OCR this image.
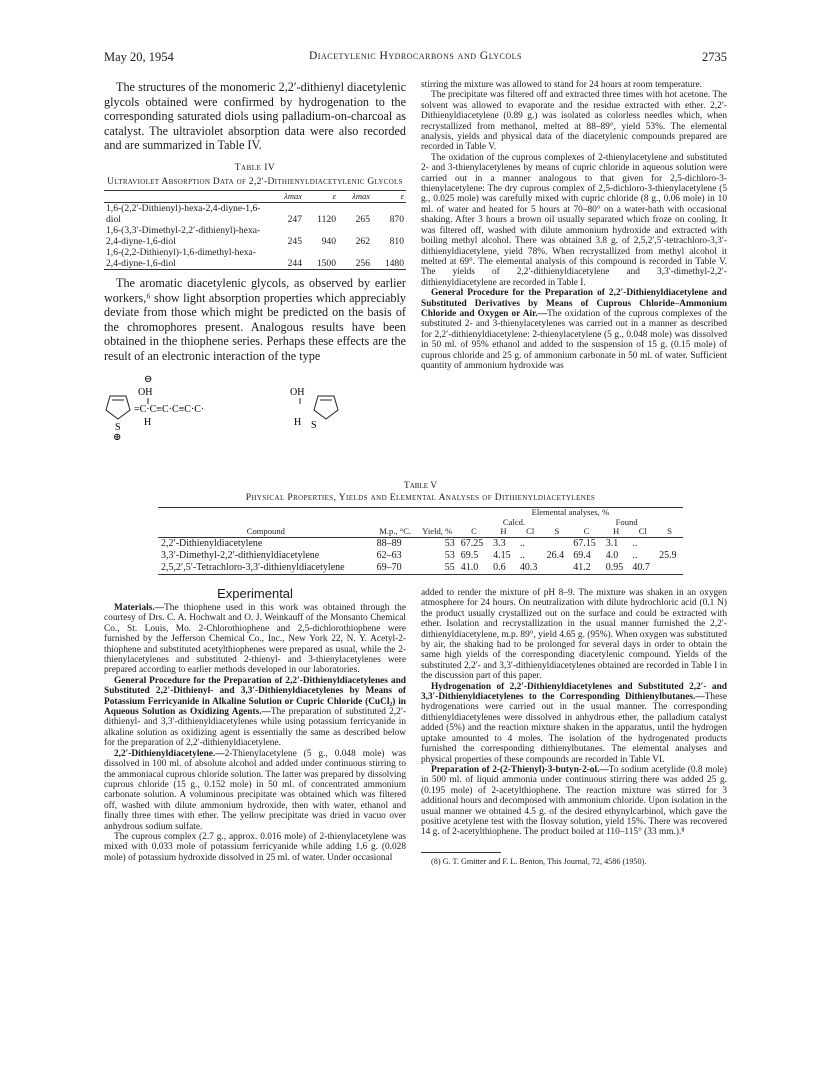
May 20, 1954	Diacetylenic Hydrocarbons and Glycols	2735

The structures of the monomeric 2,2′-dithienyl diacetylenic glycols obtained were confirmed by hydrogenation to the corresponding saturated diols using palladium-on-charcoal as catalyst. The ultraviolet absorption data were also recorded and are summarized in Table IV.

Table IV
Ultraviolet Absorption Data of 2,2′-Dithienyldiacetylenic Glycols
	λmax	ε	λmax	ε
1,6-(2,2′-Dithienyl)-hexa-2,4-diyne-1,6-diol	247	1120	265	870
1,6-(3,3′-Dimethyl-2,2′-dithienyl)-hexa-2,4-diyne-1,6-diol	245	940	262	810
1,6-(2,2-Dithienyl)-1,6-dimethyl-hexa-2,4-diyne-1,6-diol	244	1500	256	1480

The aromatic diacetylenic glycols, as observed by earlier workers,⁶ show light absorption properties which appreciably deviate from those which might be predicted on the basis of the chromophores present. Analogous results have been obtained in the thiophene series. Perhaps these effects are the result of an electronic interaction of the type

⊖
OH	OH
=C·C≡C·C≡C·C·
H	H
S
⊕
S

stirring the mixture was allowed to stand for 24 hours at room temperature.

The precipitate was filtered off and extracted three times with hot acetone. The solvent was allowed to evaporate and the residue extracted with ether. 2,2′-Dithienyldiacetylene (0.89 g.) was isolated as colorless needles which, when recrystallized from methanol, melted at 88–89°, yield 53%. The elemental analysis, yields and physical data of the diacetylenic compounds prepared are recorded in Table V.

The oxidation of the cuprous complexes of 2-thienylacetylene and substituted 2- and 3-thienylacetylenes by means of cupric chloride in aqueous solution were carried out in a manner analogous to that given for 2,5-dichloro-3-thienylacetylene: The dry cuprous complex of 2,5-dichloro-3-thienylacetylene (5 g., 0.025 mole) was carefully mixed with cupric chloride (8 g., 0.06 mole) in 10 ml. of water and heated for 5 hours at 70–80° on a water-bath with occasional shaking. After 3 hours a brown oil usually separated which froze on cooling. It was filtered off, washed with dilute ammonium hydroxide and extracted with boiling methyl alcohol. There was obtained 3.8 g. of 2,5,2′,5′-tetrachloro-3,3′-dithienyldiacetylene, yield 78%. When recrystallized from methyl alcohol it melted at 69°. The elemental analysis of this compound is recorded in Table V. The yields of 2,2′-dithienyldiacetylene and 3,3′-dimethyl-2,2′-dithienyldiacetylene are recorded in Table I.

General Procedure for the Preparation of 2,2′-Dithienyldiacetylene and Substituted Derivatives by Means of Cuprous Chloride–Ammonium Chloride and Oxygen or Air.—The oxidation of the cuprous complexes of the substituted 2- and 3-thienylacetylenes was carried out in a manner as described for 2,2′-dithienyldiacetylene: 2-thienylacetylene (5 g., 0.048 mole) was dissolved in 50 ml. of 95% ethanol and added to the suspension of 15 g. (0.15 mole) of cuprous chloride and 25 g. of ammonium carbonate in 50 ml. of water. Sufficient quantity of ammonium hydroxide was

Table V
Physical Properties, Yields and Elemental Analyses of Dithienyldiacetylenes
			Elemental analyses, %							
			Calcd.				Found			
Compound	M.p., °C.	Yield, %	C	H	Cl	S	C	H	Cl	S
2,2′-Dithienyldiacetylene	88–89	53	67.25	3.3	..		67.15	3.1	..	
3,3′-Dimethyl-2,2′-dithienyldiacetylene	62–63	53	69.5	4.15	..	26.4	69.4	4.0	..	25.9
2,5,2′,5′-Tetrachloro-3,3′-dithienyldiacetylene	69–70	55	41.0	0.6	40.3		41.2	0.95	40.7	
Experimental

Materials.—The thiophene used in this work was obtained through the courtesy of Drs. C. A. Hochwalt and O. J. Weinkauff of the Monsanto Chemical Co., St. Louis, Mo. 2-Chlorothiophene and 2,5-dichlorothiophene were furnished by the Jefferson Chemical Co., Inc., New York 22, N. Y. Acetyl-2-thiophene and substituted acetylthiophenes were prepared as usual, while the 2-thienylacetylenes and substituted 2-thienyl- and 3-thienylacetylenes were prepared according to earlier methods developed in our laboratories.

General Procedure for the Preparation of 2,2′-Dithienyldiacetylenes and Substituted 2,2′-Dithienyl- and 3,3′-Dithienyldiacetylenes by Means of Potassium Ferricyanide in Alkaline Solution or Cupric Chloride (CuCl₂) in Aqueous Solution as Oxidizing Agents.—The preparation of substituted 2,2′-dithienyl- and 3,3′-dithienyldiacetylenes while using potassium ferricyanide in alkaline solution as oxidizing agent is essentially the same as described below for the preparation of 2,2′-dithienyldiacetylene.

2,2′-Dithienyldiacetylene.—2-Thienylacetylene (5 g., 0.048 mole) was dissolved in 100 ml. of absolute alcohol and added under continuous stirring to the ammoniacal cuprous chloride solution. The latter was prepared by dissolving cuprous chloride (15 g., 0.152 mole) in 50 ml. of concentrated ammonium carbonate solution. A voluminous precipitate was obtained which was filtered off, washed with dilute ammonium hydroxide, then with water, ethanol and finally three times with ether. The yellow precipitate was dried in vacuo over anhydrous sodium sulfate.

The cuprous complex (2.7 g., approx. 0.016 mole) of 2-thienylacetylene was mixed with 0.033 mole of potassium ferricyanide while adding 1.6 g. (0.028 mole) of potassium hydroxide dissolved in 25 ml. of water. Under occasional

added to render the mixture of pH 8–9. The mixture was shaken in an oxygen atmosphere for 24 hours. On neutralization with dilute hydrochloric acid (0.1 N) the product usually crystallized out on the surface and could be extracted with ether. Isolation and recrystallization in the usual manner furnished the 2,2′-dithienyldiacetylene, m.p. 89°, yield 4.65 g. (95%). When oxygen was substituted by air, the shaking had to be prolonged for several days in order to obtain the same high yields of the corresponding diacetylenic compound. Yields of the substituted 2,2′- and 3,3′-dithienyldiacetylenes obtained are recorded in Table I in the discussion part of this paper.

Hydrogenation of 2,2′-Dithienyldiacetylenes and Substituted 2,2′- and 3,3′-Dithienyldiacetylenes to the Corresponding Dithienylbutanes.—These hydrogenations were carried out in the usual manner. The corresponding dithienyldiacetylenes were dissolved in anhydrous ether, the palladium catalyst added (5%) and the reaction mixture shaken in the apparatus, until the hydrogen uptake amounted to 4 moles. The isolation of the hydrogenated products furnished the corresponding dithienylbutanes. The elemental analyses and physical properties of these compounds are recorded in Table VI.

Preparation of 2-(2-Thienyl)-3-butyn-2-ol.—To sodium acetylide (0.8 mole) in 500 ml. of liquid ammonia under continuous stirring there was added 25 g. (0.195 mole) of 2-acetylthiophene. The reaction mixture was stirred for 3 additional hours and decomposed with ammonium chloride. Upon isolation in the usual manner we obtained 4.5 g. of the desired ethynylcarbinol, which gave the positive acetylene test with the Ilosvay solution, yield 15%. There was recovered 14 g. of 2-acetylthiophene. The product boiled at 110–115° (33 mm.).⁸

(8) G. T. Gmitter and F. L. Benton, This Journal, 72, 4586 (1950).
